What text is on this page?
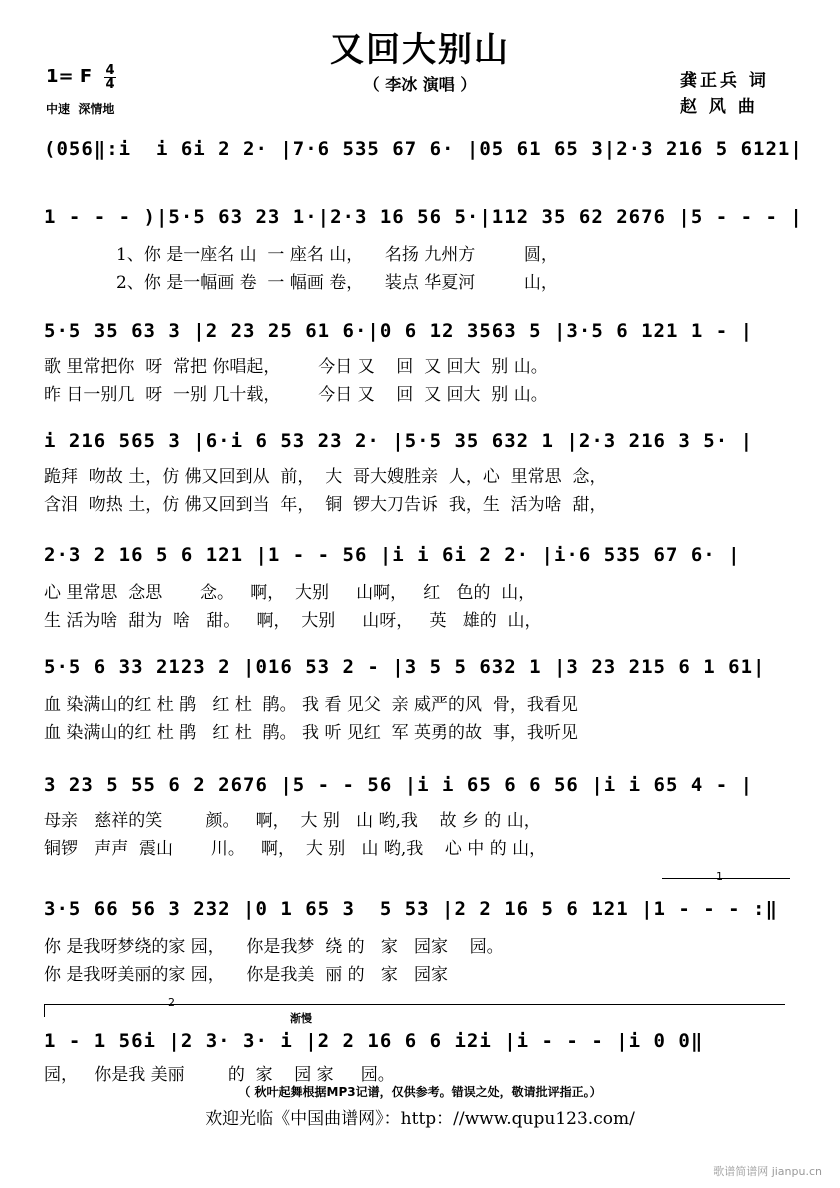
又回大别山
（ 李冰 演唱 ）	龚正兵 词
赵 风 曲
1= F 4
4
中速  深情地
(056‖:i  i 6i 2 2· |7·6 535 67 6· |05 61 65 3|2·3 216 5 6121|
1 - - - )|5·5 63 23 1·|2·3 16 56 5·|112 35 62 2676 |5 - - - |
1、你 是一座名 山  一 座名 山，    名扬 九州方         圆，
2、你 是一幅画 卷  一 幅画 卷，    装点 华夏河         山，
5·5 35 63 3 |2 23 25 61 6·|0 6 12 3563 5 |3·5 6 121 1 - |
歌 里常把你  呀  常把 你唱起，       今日 又    回  又 回大  别 山。
昨 日一别几  呀  一别 几十载，       今日 又    回  又 回大  别 山。
i 216 565 3 |6·i 6 53 23 2· |5·5 35 632 1 |2·3 216 3 5· |
跪拜  吻故 土，仿 佛又回到从  前，  大  哥大嫂胜亲  人，心  里常思  念，
含泪  吻热 土，仿 佛又回到当  年，  铜  锣大刀告诉  我，生  活为啥  甜，
2·3 2 16 5 6 121 |1 - - 56 |i i 6i 2 2· |i·6 535 67 6· |
心 里常思  念思       念。   啊，  大别     山啊，   红   色的  山，
生 活为啥  甜为  啥   甜。   啊，  大别     山呀，   英   雄的  山，
5·5 6 33 2123 2 |016 53 2 - |3 5 5 632 1 |3 23 215 6 1 61|
血 染满山的红 杜 鹃   红 杜  鹃。 我 看 见父  亲 威严的风  骨，我看见
血 染满山的红 杜 鹃   红 杜  鹃。 我 听 见红  军 英勇的故  事，我听见
3 23 5 55 6 2 2676 |5 - - 56 |i i 65 6 6 56 |i i 65 4 - |
母亲   慈祥的笑        颜。   啊，  大 别   山 哟,我    故 乡 的 山，
铜锣   声声  震山       川。   啊，  大 别   山 哟,我    心 中 的 山，
1
3·5 66 56 3 232 |0 1 65 3  5 53 |2 2 16 5 6 121 |1 - - - :‖
你 是我呀梦绕的家 园，    你是我梦  绕 的   家   园家    园。
你 是我呀美丽的家 园，    你是我美  丽 的   家   园家
2
渐慢
1 - 1 56i |2 3· 3· i |2 2 16 6 6 i2i |i - - - |i 0 0‖
园，   你是我 美丽        的  家    园 家     园。
（ 秋叶起舞根据MP3记谱，仅供参考。错误之处，敬请批评指正。）
欢迎光临《中国曲谱网》：http：//www.qupu123.com/
歌谱简谱网 jianpu.cn
